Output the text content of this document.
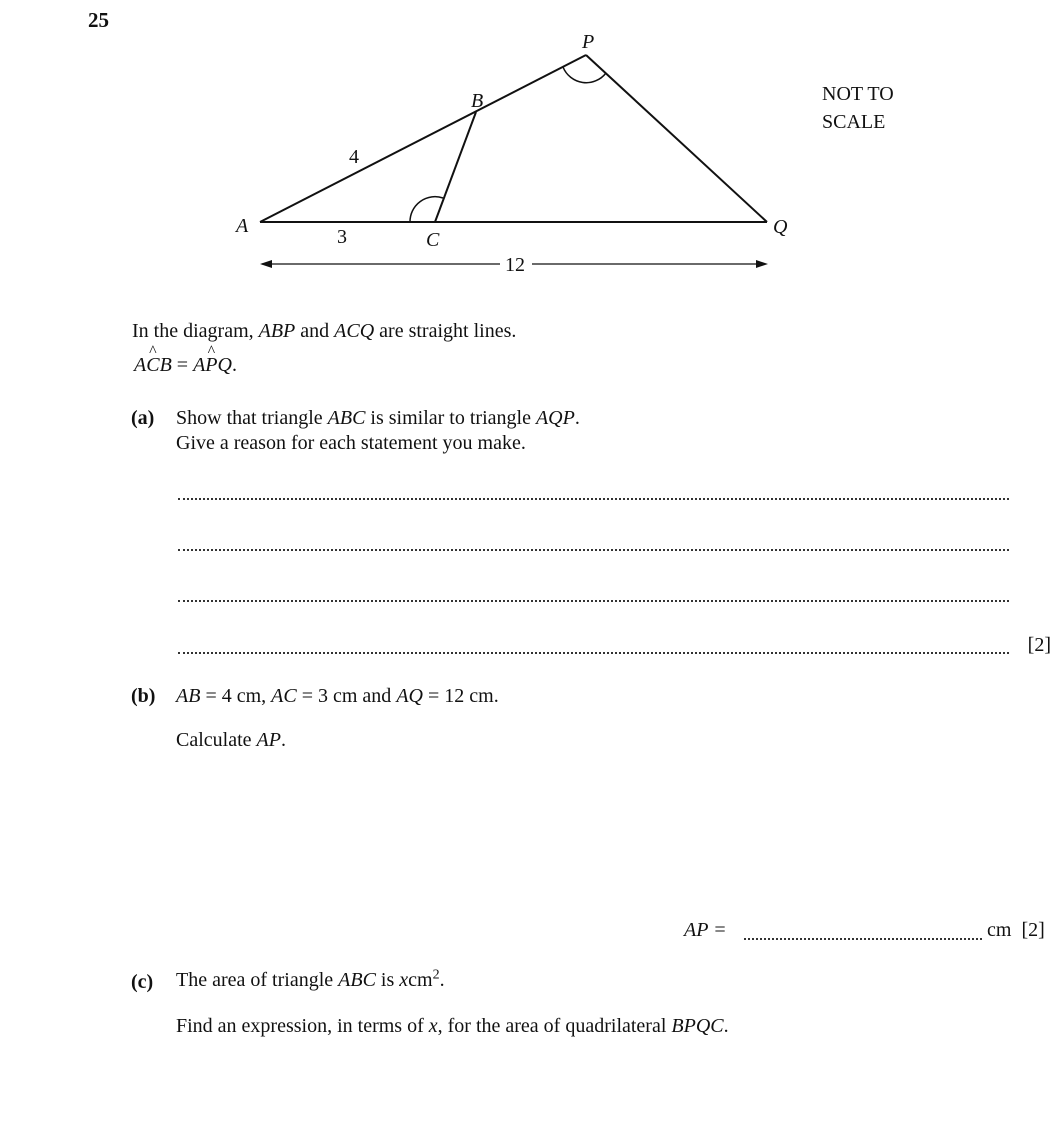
25
A
B
C
P
Q
4
3
12
NOT TO
SCALE
In the diagram, ABP and ACQ are straight lines.
A^ CB = A^ PQ.
(a) Show that triangle ABC is similar to triangle AQP.
Give a reason for each statement you make.
[2]
(b) AB = 4 cm, AC = 3 cm and AQ = 12 cm.
Calculate AP.
AP =	cm [2]
(c) The area of triangle ABC is xcm$^2$.
Find an expression, in terms of x, for the area of quadrilateral BPQC.
